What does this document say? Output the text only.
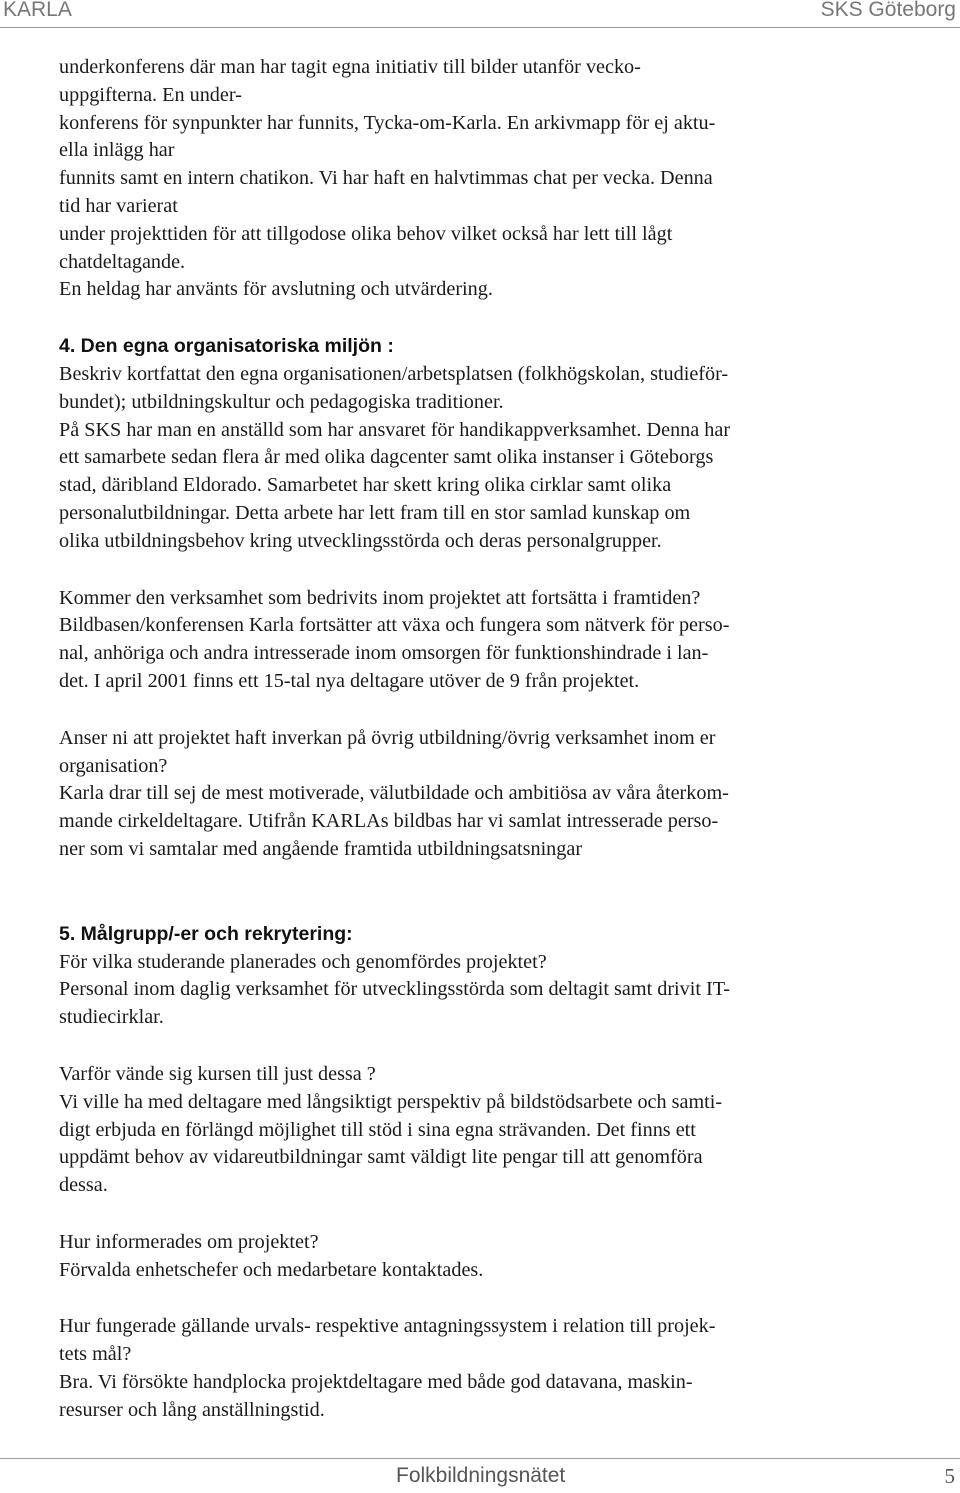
KARLA	SKS Göteborg
underkonferens där man har tagit egna initiativ till bilder utanför vecko-
uppgifterna. En under-
konferens för synpunkter har funnits, Tycka-om-Karla. En arkivmapp för ej aktu-
ella inlägg har
funnits samt en intern chatikon. Vi har haft en halvtimmas chat per vecka. Denna
tid har varierat
under projekttiden för att tillgodose olika behov vilket också har lett till lågt
chatdeltagande.
En heldag har använts för avslutning och utvärdering.
4. Den egna organisatoriska miljön :
Beskriv kortfattat den egna organisationen/arbetsplatsen (folkhögskolan, studieför-
bundet); utbildningskultur och pedagogiska traditioner.
På SKS har man en anställd som har ansvaret för handikappverksamhet. Denna har
ett samarbete sedan flera år med olika dagcenter samt olika instanser i Göteborgs
stad, däribland Eldorado. Samarbetet har skett kring olika cirklar samt olika
personalutbildningar. Detta arbete har lett fram till en stor samlad kunskap om
olika utbildningsbehov kring utvecklingsstörda och deras personalgrupper.
Kommer den verksamhet som bedrivits inom projektet att fortsätta i framtiden?
Bildbasen/konferensen Karla fortsätter att växa och fungera som nätverk för perso-
nal, anhöriga och andra intresserade inom omsorgen för funktionshindrade i lan-
det. I april 2001 finns ett 15-tal nya deltagare utöver de 9 från projektet.
Anser ni att projektet haft inverkan på övrig utbildning/övrig verksamhet inom er
organisation?
Karla drar till sej de mest motiverade, välutbildade och ambitiösa av våra återkom-
mande cirkeldeltagare. Utifrån KARLAs bildbas har vi samlat intresserade perso-
ner som vi samtalar med angående framtida utbildningsatsningar
5. Målgrupp/-er och rekrytering:
För vilka studerande planerades och genomfördes projektet?
Personal inom daglig verksamhet för utvecklingsstörda som deltagit samt drivit IT-
studiecirklar.
Varför vände sig kursen till just dessa ?
Vi ville ha med deltagare med långsiktigt perspektiv på bildstödsarbete och samti-
digt erbjuda en förlängd möjlighet till stöd i sina egna strävanden. Det finns ett
uppdämt behov av vidareutbildningar samt väldigt lite pengar till att genomföra
dessa.
Hur informerades om projektet?
Förvalda enhetschefer och medarbetare kontaktades.
Hur fungerade gällande urvals- respektive antagningssystem i relation till projek-
tets mål?
Bra. Vi försökte handplocka projektdeltagare med både god datavana, maskin-
resurser och lång anställningstid.
Folkbildningsnätet	5
